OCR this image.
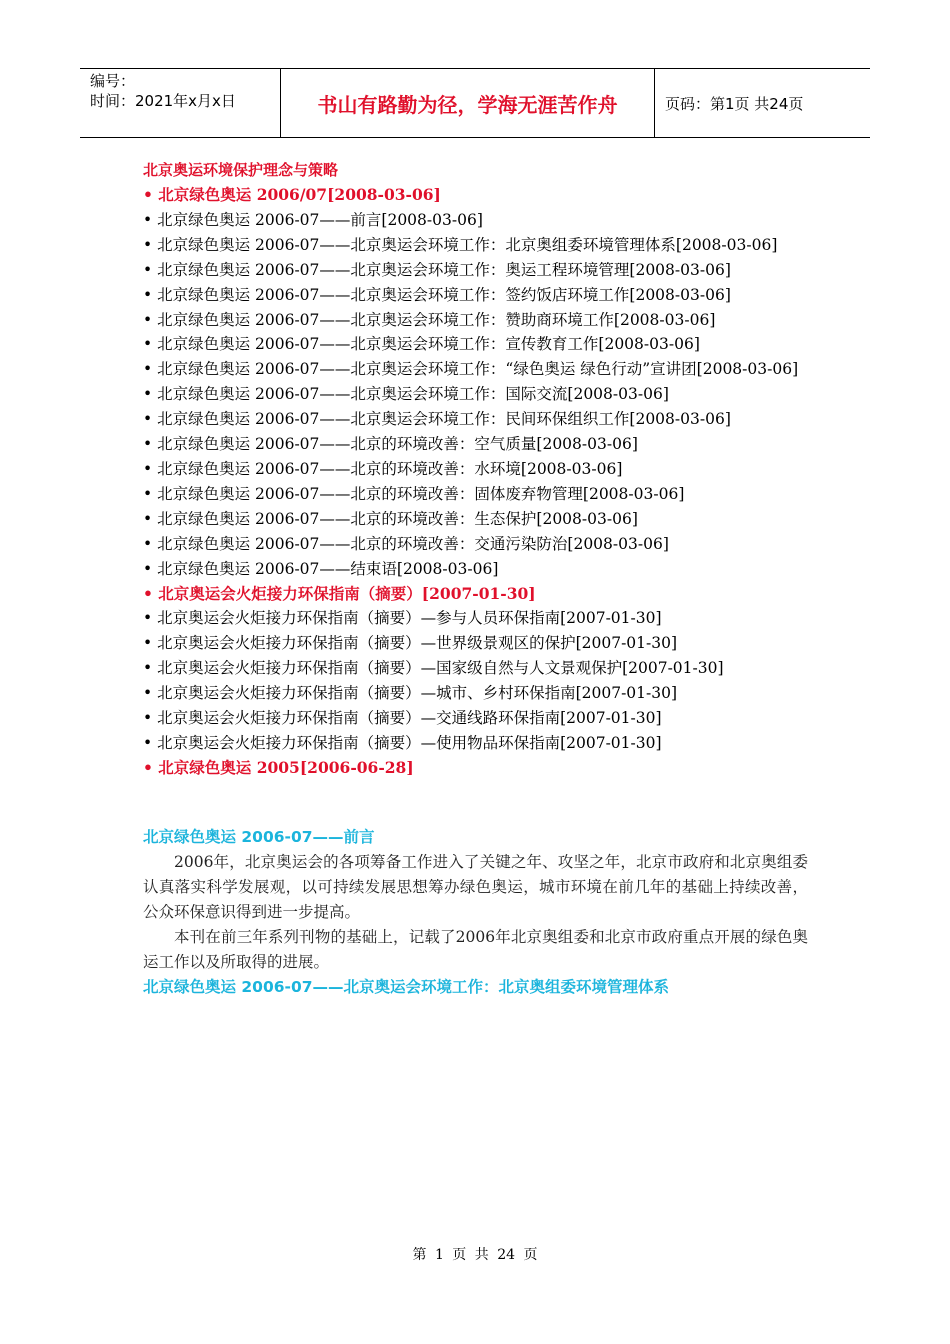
编号：
时间：2021年x月x日	书山有路勤为径，学海无涯苦作舟	页码：第1页 共24页
北京奥运环境保护理念与策略
• 北京绿色奥运 2006/07[2008-03-06]
• 北京绿色奥运 2006-07——前言[2008-03-06]
• 北京绿色奥运 2006-07——北京奥运会环境工作：北京奥组委环境管理体系[2008-03-06]
• 北京绿色奥运 2006-07——北京奥运会环境工作：奥运工程环境管理[2008-03-06]
• 北京绿色奥运 2006-07——北京奥运会环境工作：签约饭店环境工作[2008-03-06]
• 北京绿色奥运 2006-07——北京奥运会环境工作：赞助商环境工作[2008-03-06]
• 北京绿色奥运 2006-07——北京奥运会环境工作：宣传教育工作[2008-03-06]
• 北京绿色奥运 2006-07——北京奥运会环境工作：“绿色奥运 绿色行动”宣讲团[2008-03-06]
• 北京绿色奥运 2006-07——北京奥运会环境工作：国际交流[2008-03-06]
• 北京绿色奥运 2006-07——北京奥运会环境工作：民间环保组织工作[2008-03-06]
• 北京绿色奥运 2006-07——北京的环境改善：空气质量[2008-03-06]
• 北京绿色奥运 2006-07——北京的环境改善：水环境[2008-03-06]
• 北京绿色奥运 2006-07——北京的环境改善：固体废弃物管理[2008-03-06]
• 北京绿色奥运 2006-07——北京的环境改善：生态保护[2008-03-06]
• 北京绿色奥运 2006-07——北京的环境改善：交通污染防治[2008-03-06]
• 北京绿色奥运 2006-07——结束语[2008-03-06]
• 北京奥运会火炬接力环保指南（摘要）[2007-01-30]
• 北京奥运会火炬接力环保指南（摘要）—参与人员环保指南[2007-01-30]
• 北京奥运会火炬接力环保指南（摘要）—世界级景观区的保护[2007-01-30]
• 北京奥运会火炬接力环保指南（摘要）—国家级自然与人文景观保护[2007-01-30]
• 北京奥运会火炬接力环保指南（摘要）—城市、乡村环保指南[2007-01-30]
• 北京奥运会火炬接力环保指南（摘要）—交通线路环保指南[2007-01-30]
• 北京奥运会火炬接力环保指南（摘要）—使用物品环保指南[2007-01-30]
• 北京绿色奥运 2005[2006-06-28]
北京绿色奥运 2006-07——前言
2006年，北京奥运会的各项筹备工作进入了关键之年、攻坚之年，北京市政府和北京奥组委认真落实科学发展观，以可持续发展思想筹办绿色奥运，城市环境在前几年的基础上持续改善，公众环保意识得到进一步提高。
本刊在前三年系列刊物的基础上，记载了2006年北京奥组委和北京市政府重点开展的绿色奥运工作以及所取得的进展。
北京绿色奥运 2006-07——北京奥运会环境工作：北京奥组委环境管理体系
第 1 页 共 24 页
